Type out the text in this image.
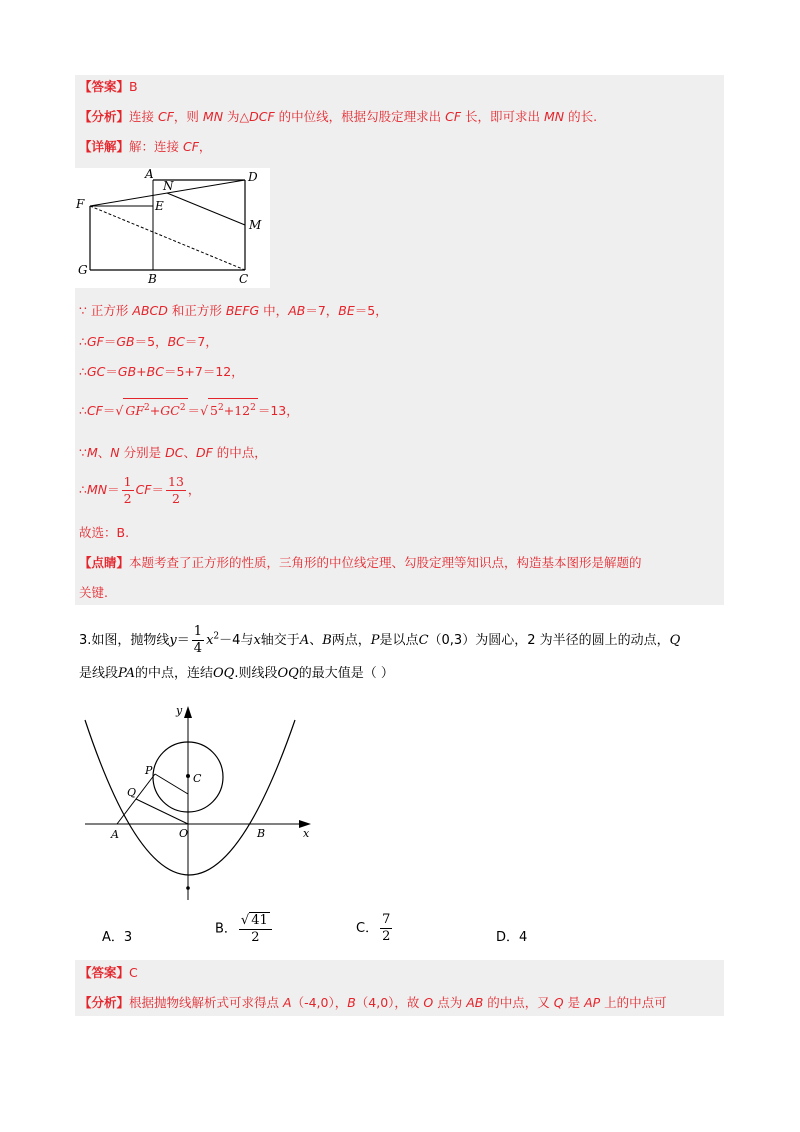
【答案】B
【分析】连接 CF，则 MN 为△DCF 的中位线，根据勾股定理求出 CF 长，即可求出 MN 的长.
【详解】解：连接 CF，
A
N
D
F	E
M
G
B	C
∵ 正方形 ABCD 和正方形 BEFG 中，AB＝7，BE＝5，
∴GF＝GB＝5，BC＝7，
∴GC＝GB+BC＝5+7＝12，
∴CF＝√ $GF^2+GC^2$ ＝√ $5^2+12^2 =13$，
∵M、N 分别是 DC、DF 的中点，
∴MN＝ $\frac{1}{2} CF= \frac{13}{2}$ ，
故选：B.
【点睛】本题考查了正方形的性质，三角形的中位线定理、勾股定理等知识点，构造基本图形是解题的
关键.
3.如图，抛物线$y= \frac{1}{4} x^2-4$与x轴交于A、B两点，P是以点C（0,3）为圆心，2 为半径的圆上的动点，Q
是线段PA的中点，连结OQ.则线段OQ的最大值是（ ）
y
P
C
Q
A	O	B	x
A．3
B． $\frac{√ 41}{2}$	C． $\frac{7}{2}$	D．4
【答案】C
【分析】根据抛物线解析式可求得点 A（-4,0），B（4,0），故 O 点为 AB 的中点，又 Q 是 AP 上的中点可
